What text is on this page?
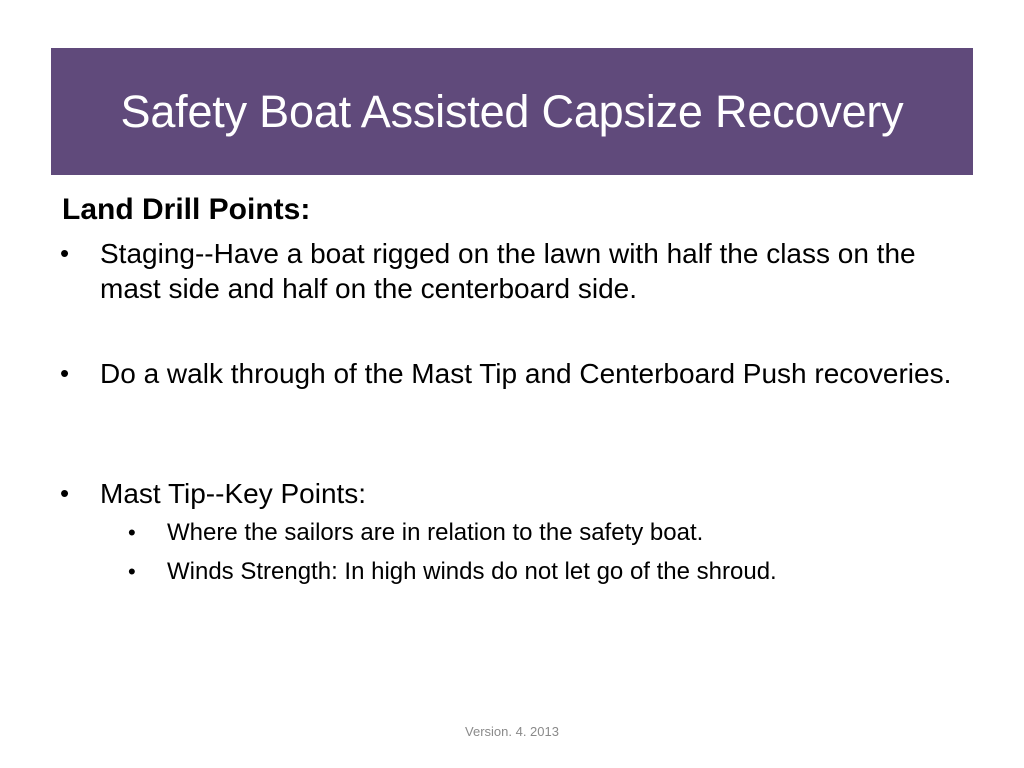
Safety Boat Assisted Capsize Recovery
Land Drill Points:
• Staging--Have a boat rigged on the lawn with half the class on the mast side and half on the centerboard side.
• Do a walk through of the Mast Tip and Centerboard Push recoveries.
• Mast Tip--Key Points:
• Where the sailors are in relation to the safety boat.
• Winds Strength: In high winds do not let go of the shroud.
Version. 4. 2013
